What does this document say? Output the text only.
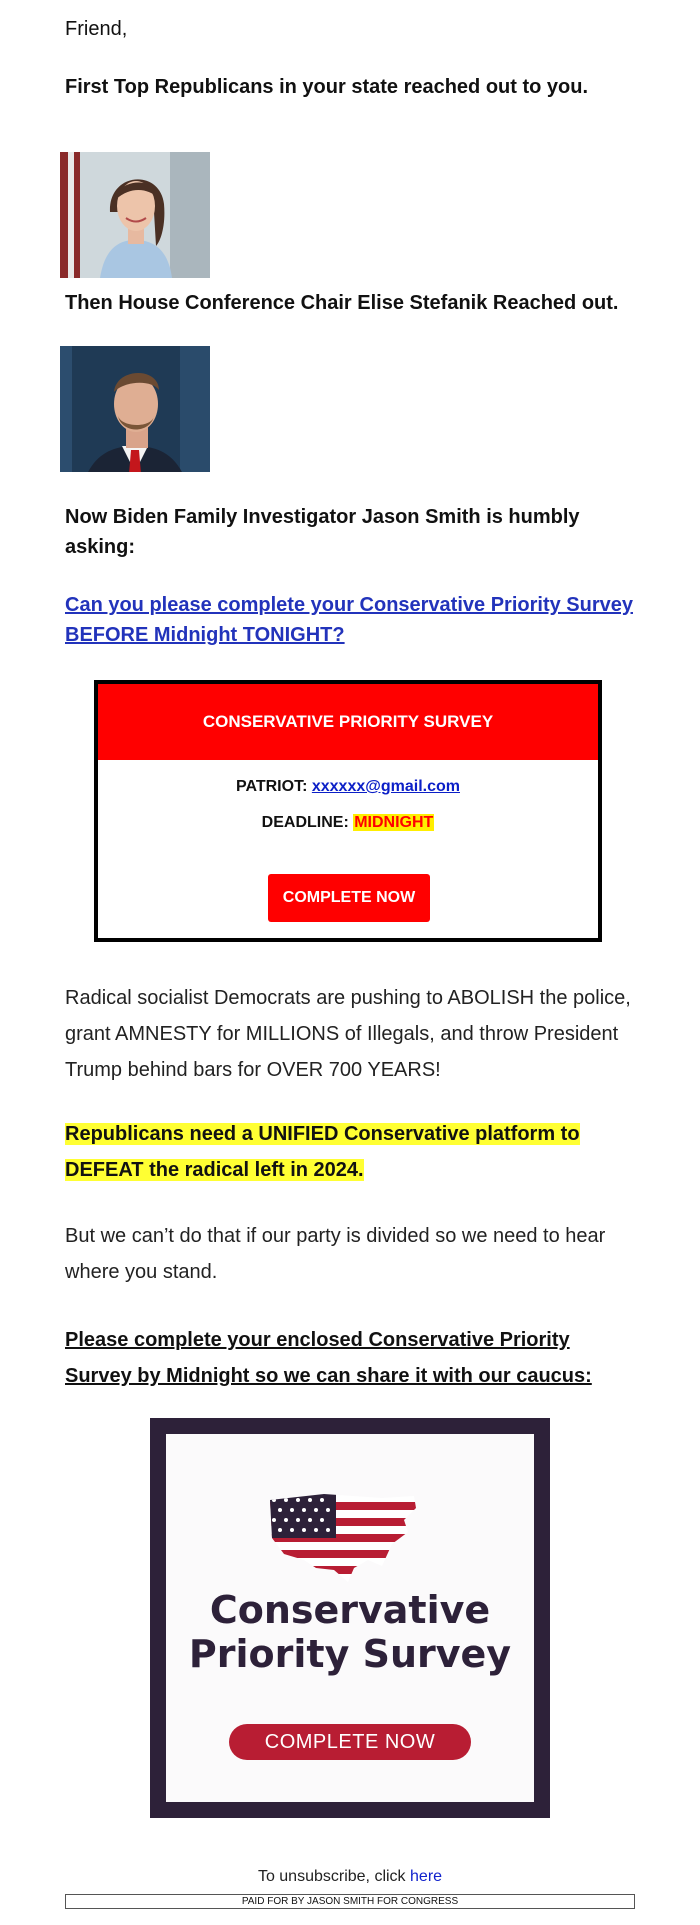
Friend,
First Top Republicans in your state reached out to you.
Then House Conference Chair Elise Stefanik Reached out.
Now Biden Family Investigator Jason Smith is humbly asking:
Can you please complete your Conservative Priority Survey BEFORE Midnight TONIGHT?
CONSERVATIVE PRIORITY SURVEY
PATRIOT: xxxxxx@gmail.com
DEADLINE: MIDNIGHT
COMPLETE NOW
Radical socialist Democrats are pushing to ABOLISH the police, grant AMNESTY for MILLIONS of Illegals, and throw President Trump behind bars for OVER 700 YEARS!
Republicans need a UNIFIED Conservative platform to DEFEAT the radical left in 2024.
But we can’t do that if our party is divided so we need to hear where you stand.
Please complete your enclosed Conservative Priority Survey by Midnight so we can share it with our caucus:
Conservative
Priority Survey
COMPLETE NOW
To unsubscribe, click here
PAID FOR BY JASON SMITH FOR CONGRESS
